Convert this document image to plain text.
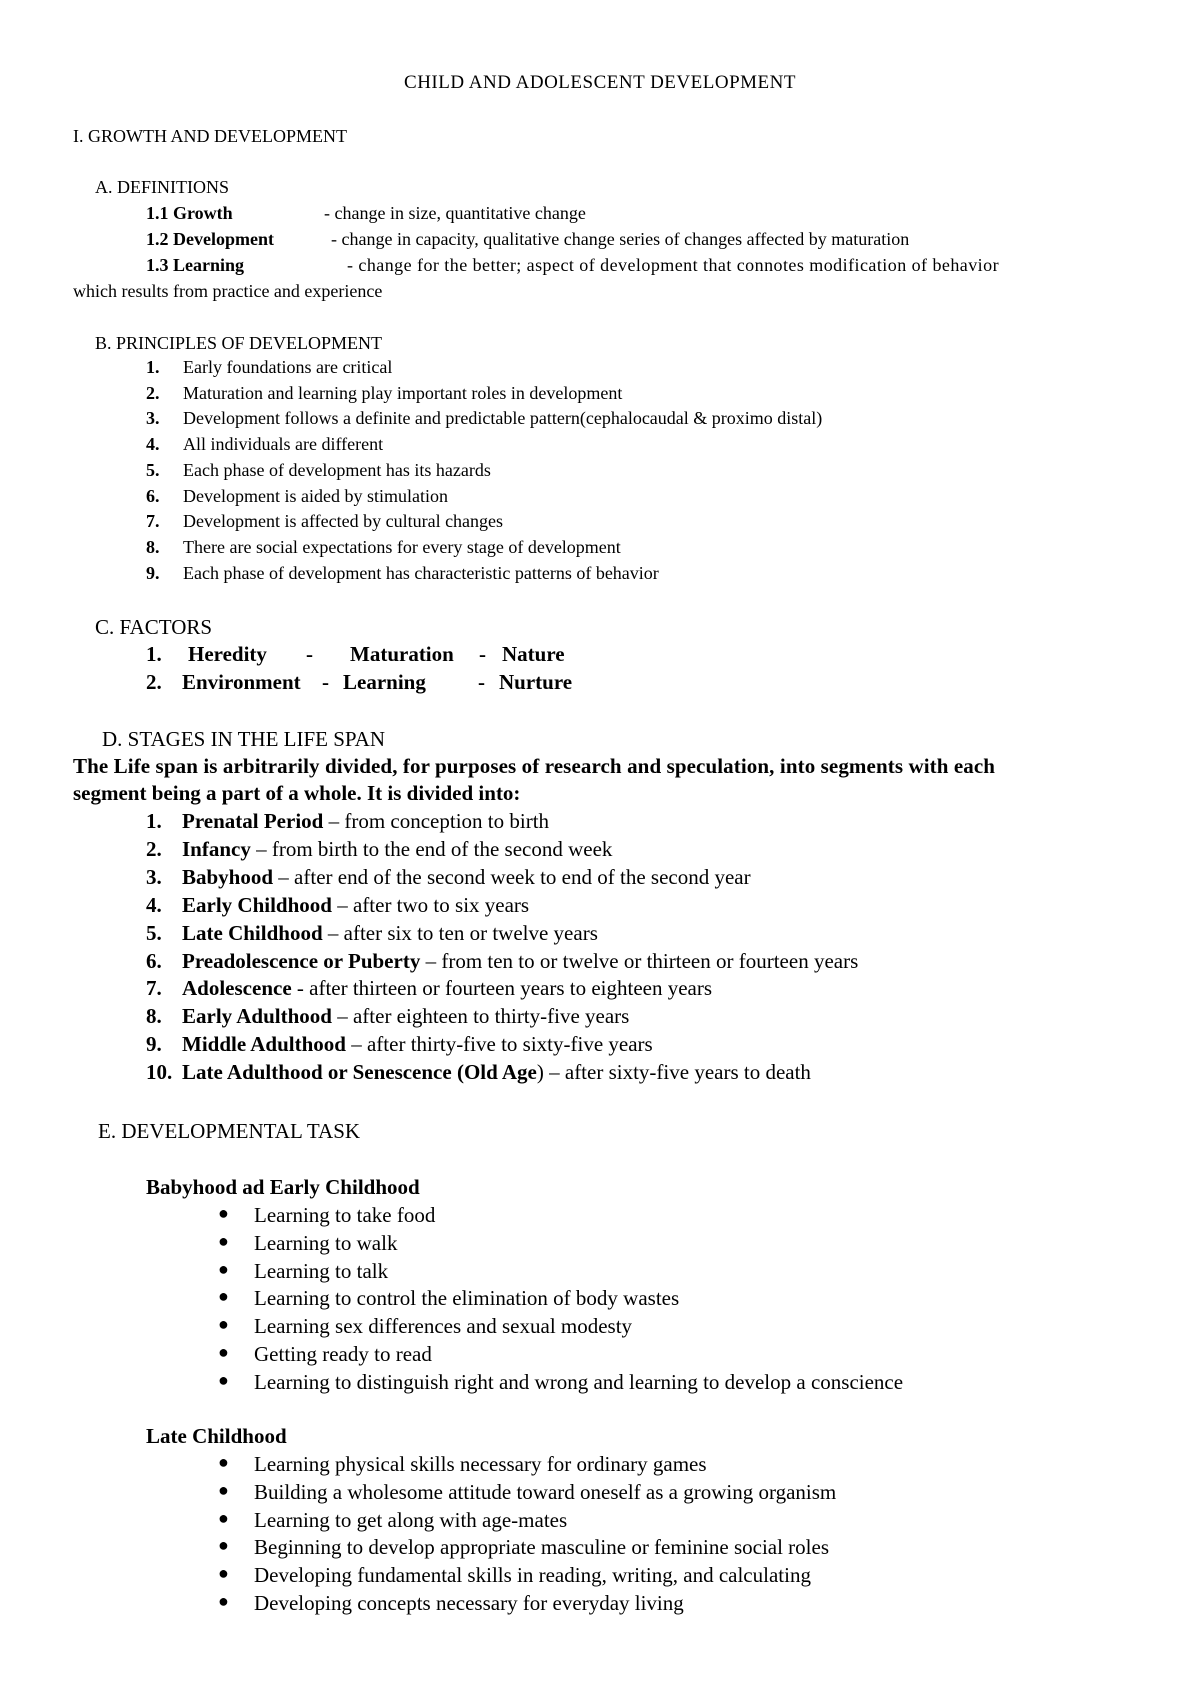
CHILD AND ADOLESCENT DEVELOPMENT
I. GROWTH AND DEVELOPMENT
A. DEFINITIONS
1.1 Growth	- change in size, quantitative change
1.2 Development	- change in capacity, qualitative change series of changes affected by maturation
1.3 Learning	- change for the better; aspect of development that connotes modification of behavior
which results from practice and experience
B. PRINCIPLES OF DEVELOPMENT
1. Early foundations are critical
2. Maturation and learning play important roles in development
3. Development follows a definite and predictable pattern(cephalocaudal & proximo distal)
4. All individuals are different
5. Each phase of development has its hazards
6. Development is aided by stimulation
7. Development is affected by cultural changes
8. There are social expectations for every stage of development
9. Each phase of development has characteristic patterns of behavior
C. FACTORS
1. Heredity - Maturation - Nature
2. Environment - Learning - Nurture
D. STAGES IN THE LIFE SPAN
The Life span is arbitrarily divided, for purposes of research and speculation, into segments with each
segment being a part of a whole. It is divided into:
1. Prenatal Period – from conception to birth
2. Infancy – from birth to the end of the second week
3. Babyhood – after end of the second week to end of the second year
4. Early Childhood – after two to six years
5. Late Childhood – after six to ten or twelve years
6. Preadolescence or Puberty – from ten to or twelve or thirteen or fourteen years
7. Adolescence - after thirteen or fourteen years to eighteen years
8. Early Adulthood – after eighteen to thirty-five years
9. Middle Adulthood – after thirty-five to sixty-five years
10. Late Adulthood or Senescence (Old Age) – after sixty-five years to death
E. DEVELOPMENTAL TASK
Babyhood ad Early Childhood
● Learning to take food
● Learning to walk
● Learning to talk
● Learning to control the elimination of body wastes
● Learning sex differences and sexual modesty
● Getting ready to read
● Learning to distinguish right and wrong and learning to develop a conscience
Late Childhood
● Learning physical skills necessary for ordinary games
● Building a wholesome attitude toward oneself as a growing organism
● Learning to get along with age-mates
● Beginning to develop appropriate masculine or feminine social roles
● Developing fundamental skills in reading, writing, and calculating
● Developing concepts necessary for everyday living
